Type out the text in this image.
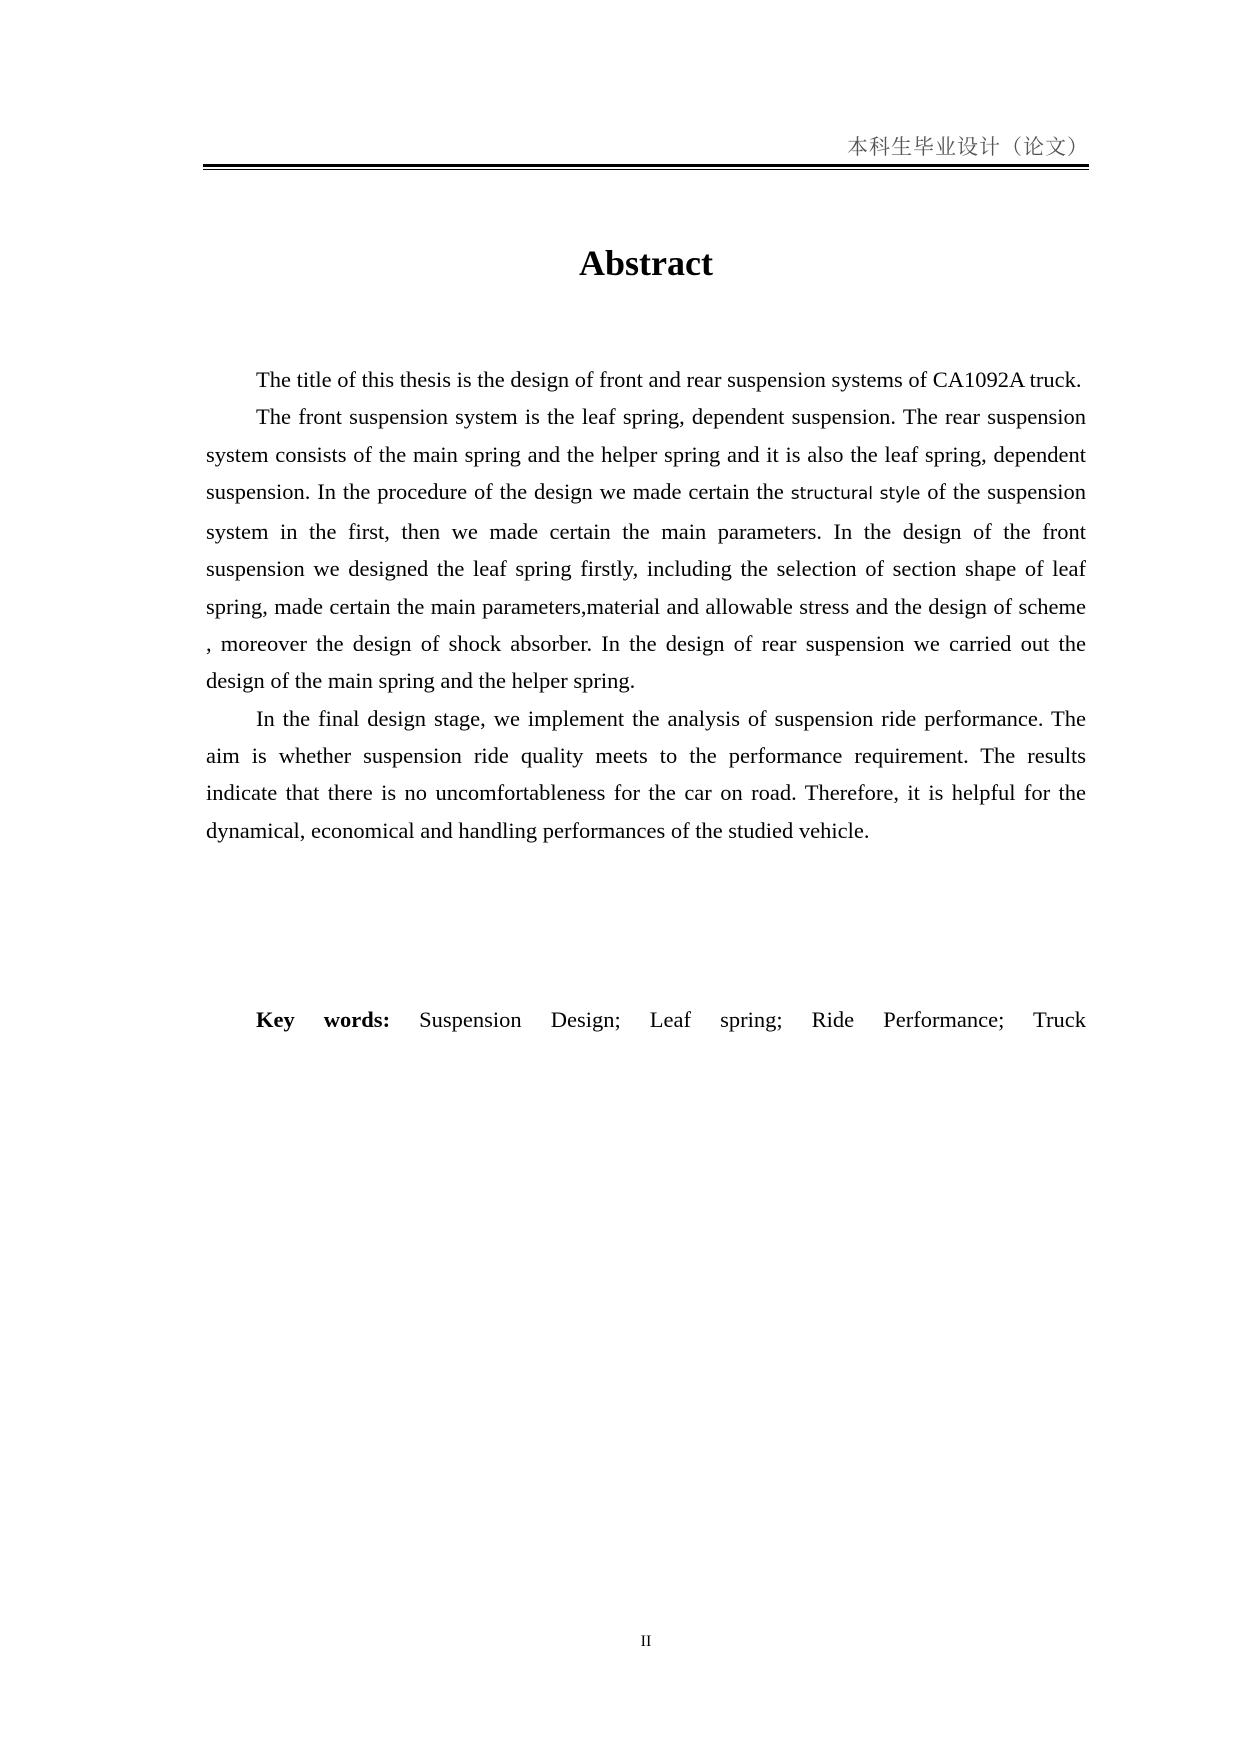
本科生毕业设计（论文）
Abstract

The title of this thesis is the design of front and rear suspension systems of CA1092A truck.

The front suspension system is the leaf spring, dependent suspension. The rear suspension system consists of the main spring and the helper spring and it is also the leaf spring, dependent suspension. In the procedure of the design we made certain the structural style of the suspension system in the first, then we made certain the main parameters. In the design of the front suspension we designed the leaf spring firstly, including the selection of section shape of leaf spring, made certain the main parameters,material and allowable stress and the design of scheme , moreover the design of shock absorber. In the design of rear suspension we carried out the design of the main spring and the helper spring.

In the final design stage, we implement the analysis of suspension ride performance. The aim is whether suspension ride quality meets to the performance requirement. The results indicate that there is no uncomfortableness for the car on road. Therefore, it is helpful for the dynamical, economical and handling performances of the studied vehicle.

Key words: Suspension Design; Leaf spring; Ride Performance; Truck
II
